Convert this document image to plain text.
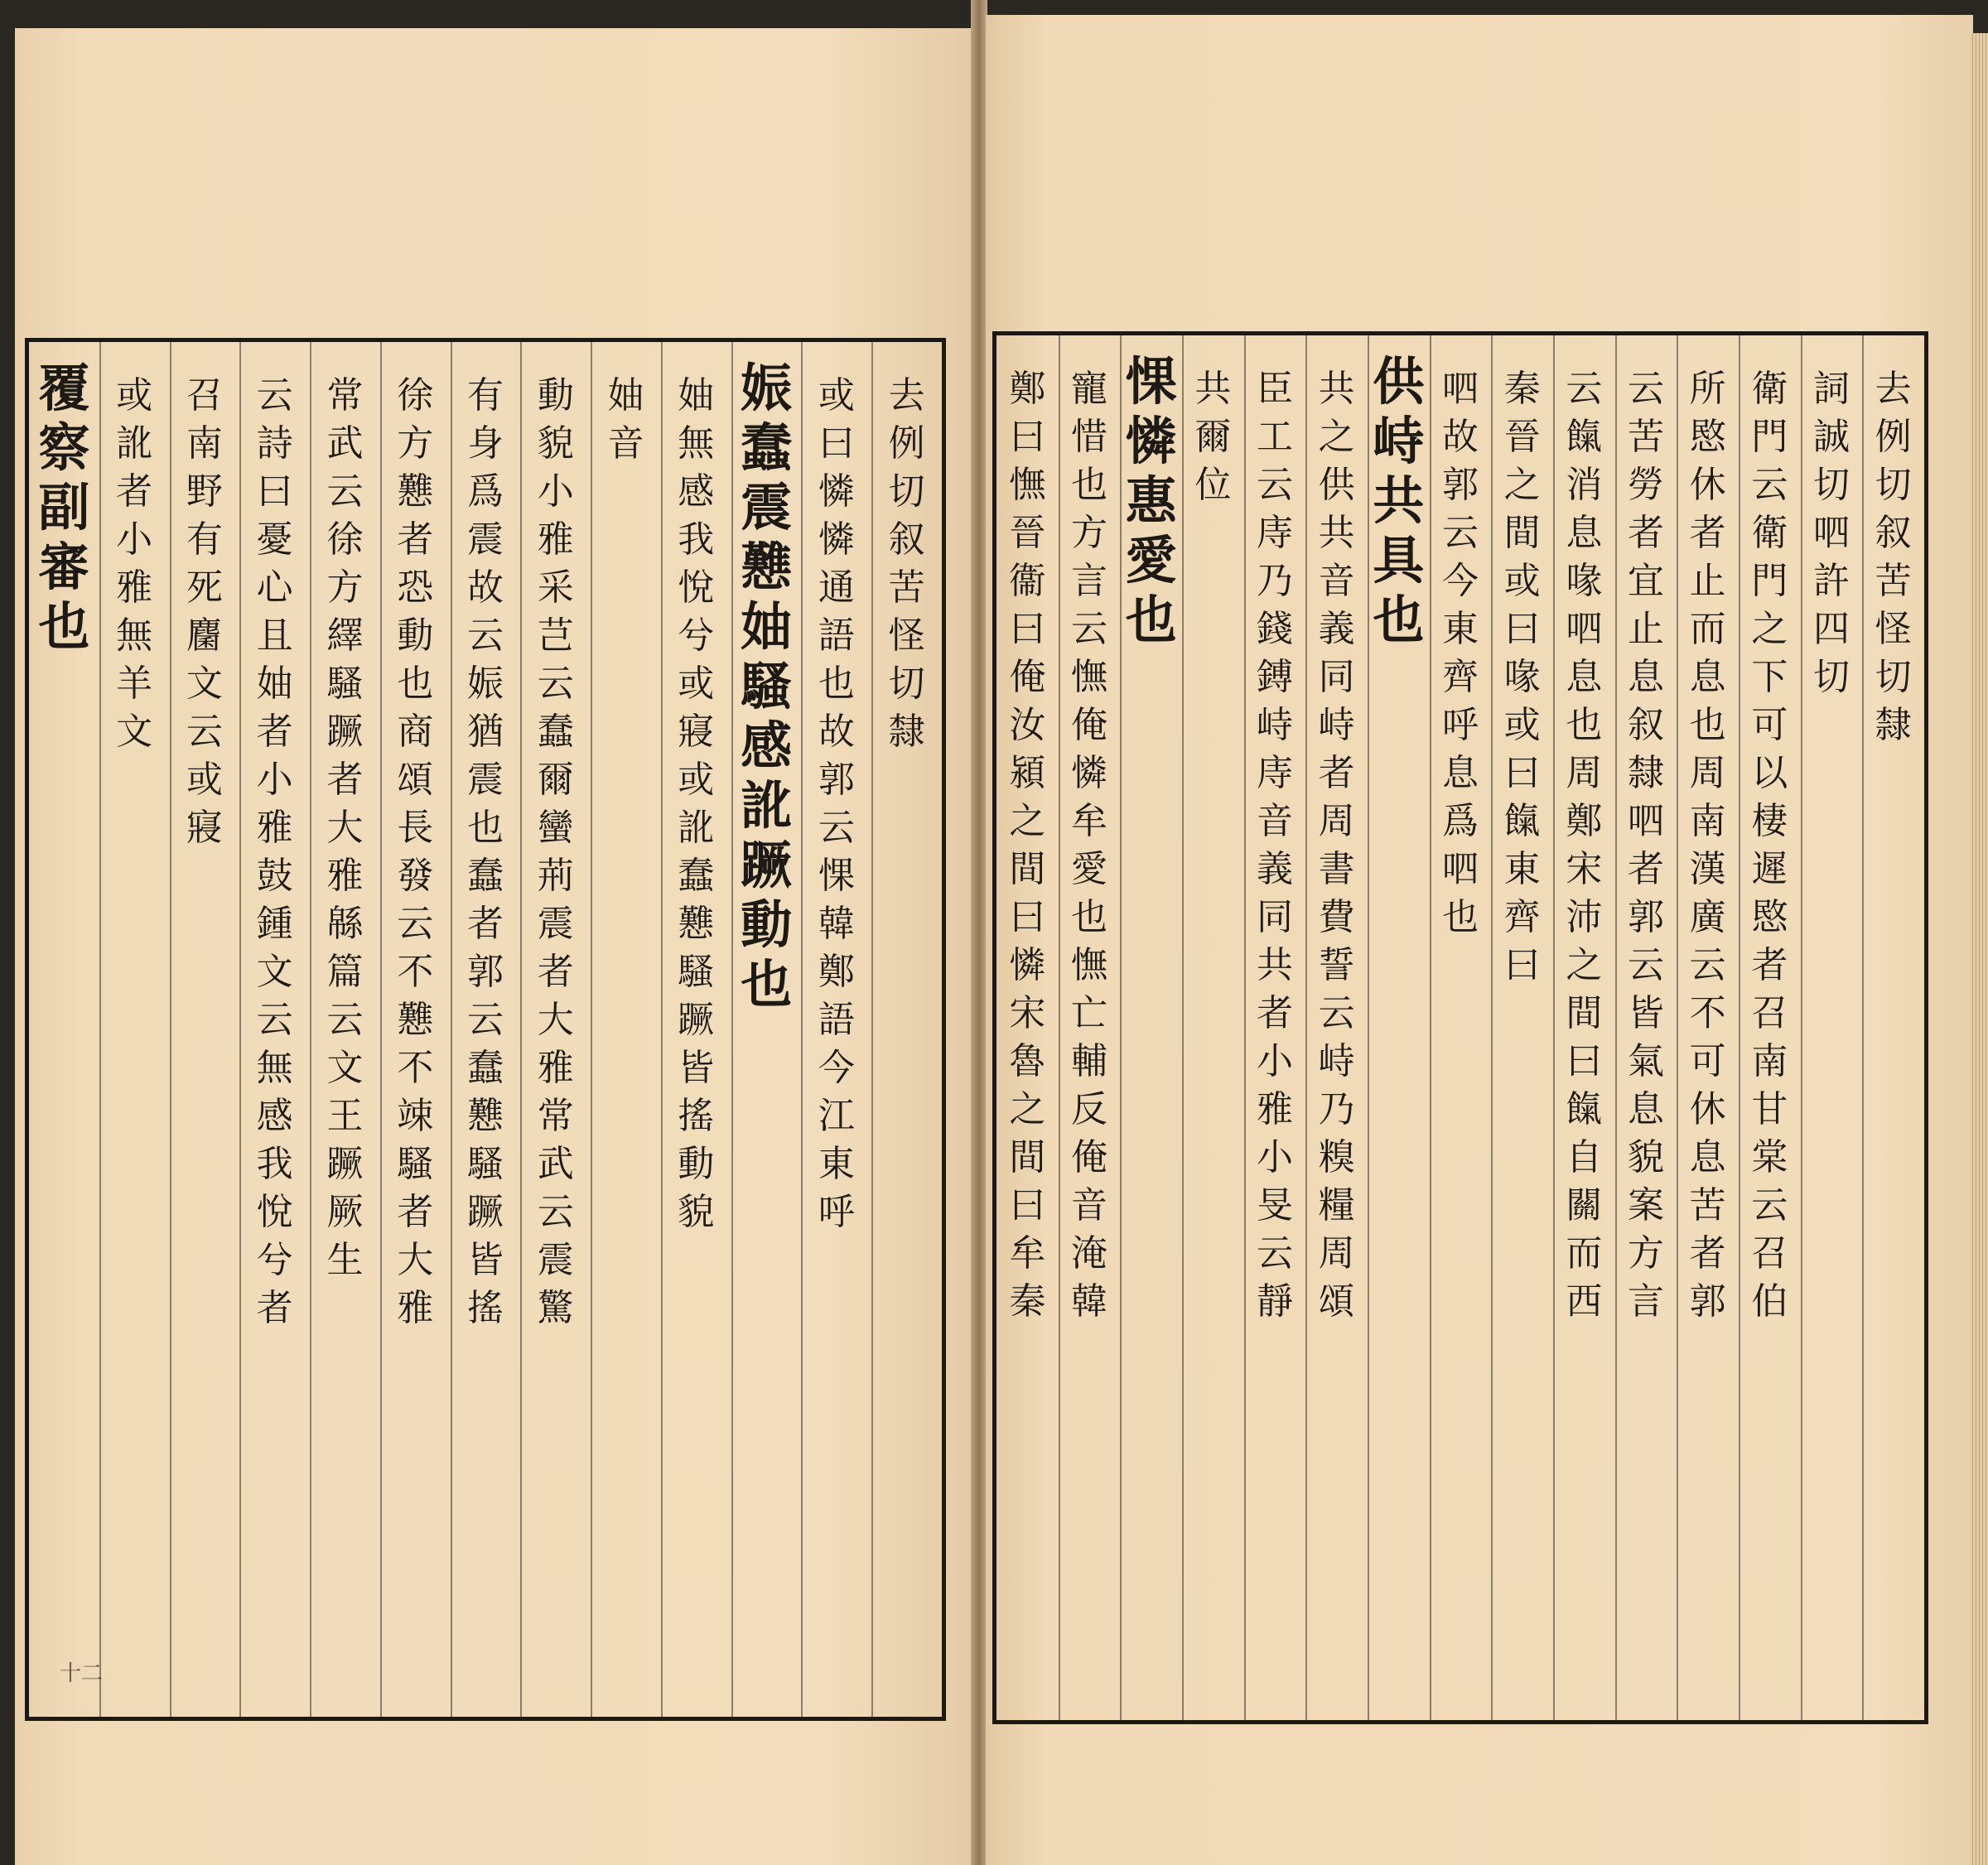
去
例
切
叙
苦
怪
切
隸
或
曰
憐
憐
通
語
也
故
郭
云
惈
韓
鄭
語
今
江
東
呼
娠
蠢
震
戁
妯
騷
感
訛
蹶
動
也
妯
無
感
我
悅
兮
或
寢
或
訛
蠢
戁
騷
蹶
皆
搖
動
貌
妯
音
動
貌
小
雅
采
芑
云
蠢
爾
蠻
荊
震
者
大
雅
常
武
云
震
驚
有
身
爲
震
故
云
娠
猶
震
也
蠢
者
郭
云
蠢
戁
騷
蹶
皆
搖
徐
方
戁
者
恐
動
也
商
頌
長
發
云
不
戁
不
竦
騷
者
大
雅
常
武
云
徐
方
繹
騷
蹶
者
大
雅
緜
篇
云
文
王
蹶
厥
生
云
詩
曰
憂
心
且
妯
者
小
雅
鼓
鍾
文
云
無
感
我
悅
兮
者
召
南
野
有
死
麕
文
云
或
寢
或
訛
者
小
雅
無
羊
文
覆
察
副
審
也
去
例
切
叙
苦
怪
切
隸
詞
誠
切
呬
許
四
切
衛
門
云
衛
門
之
下
可
以
棲
遲
愍
者
召
南
甘
棠
云
召
伯
所
愍
休
者
止
而
息
也
周
南
漢
廣
云
不
可
休
息
苦
者
郭
云
苦
勞
者
宜
止
息
叙
隸
呬
者
郭
云
皆
氣
息
貌
案
方
言
云
餼
消
息
喙
呬
息
也
周
鄭
宋
沛
之
間
曰
餼
自
關
而
西
秦
晉
之
間
或
曰
喙
或
曰
餼
東
齊
曰
呬
故
郭
云
今
東
齊
呼
息
爲
呬
也
供
峙
共
具
也
共
之
供
共
音
義
同
峙
者
周
書
費
誓
云
峙
乃
糗
糧
周
頌
臣
工
云
庤
乃
錢
鎛
峙
庤
音
義
同
共
者
小
雅
小
旻
云
靜
共
爾
位
惈
憐
惠
愛
也
寵
惜
也
方
言
云
憮
俺
憐
牟
愛
也
憮
亡
輔
反
俺
音
淹
韓
鄭
曰
憮
晉
衞
曰
俺
汝
潁
之
間
曰
憐
宋
魯
之
間
曰
牟
秦
十二
